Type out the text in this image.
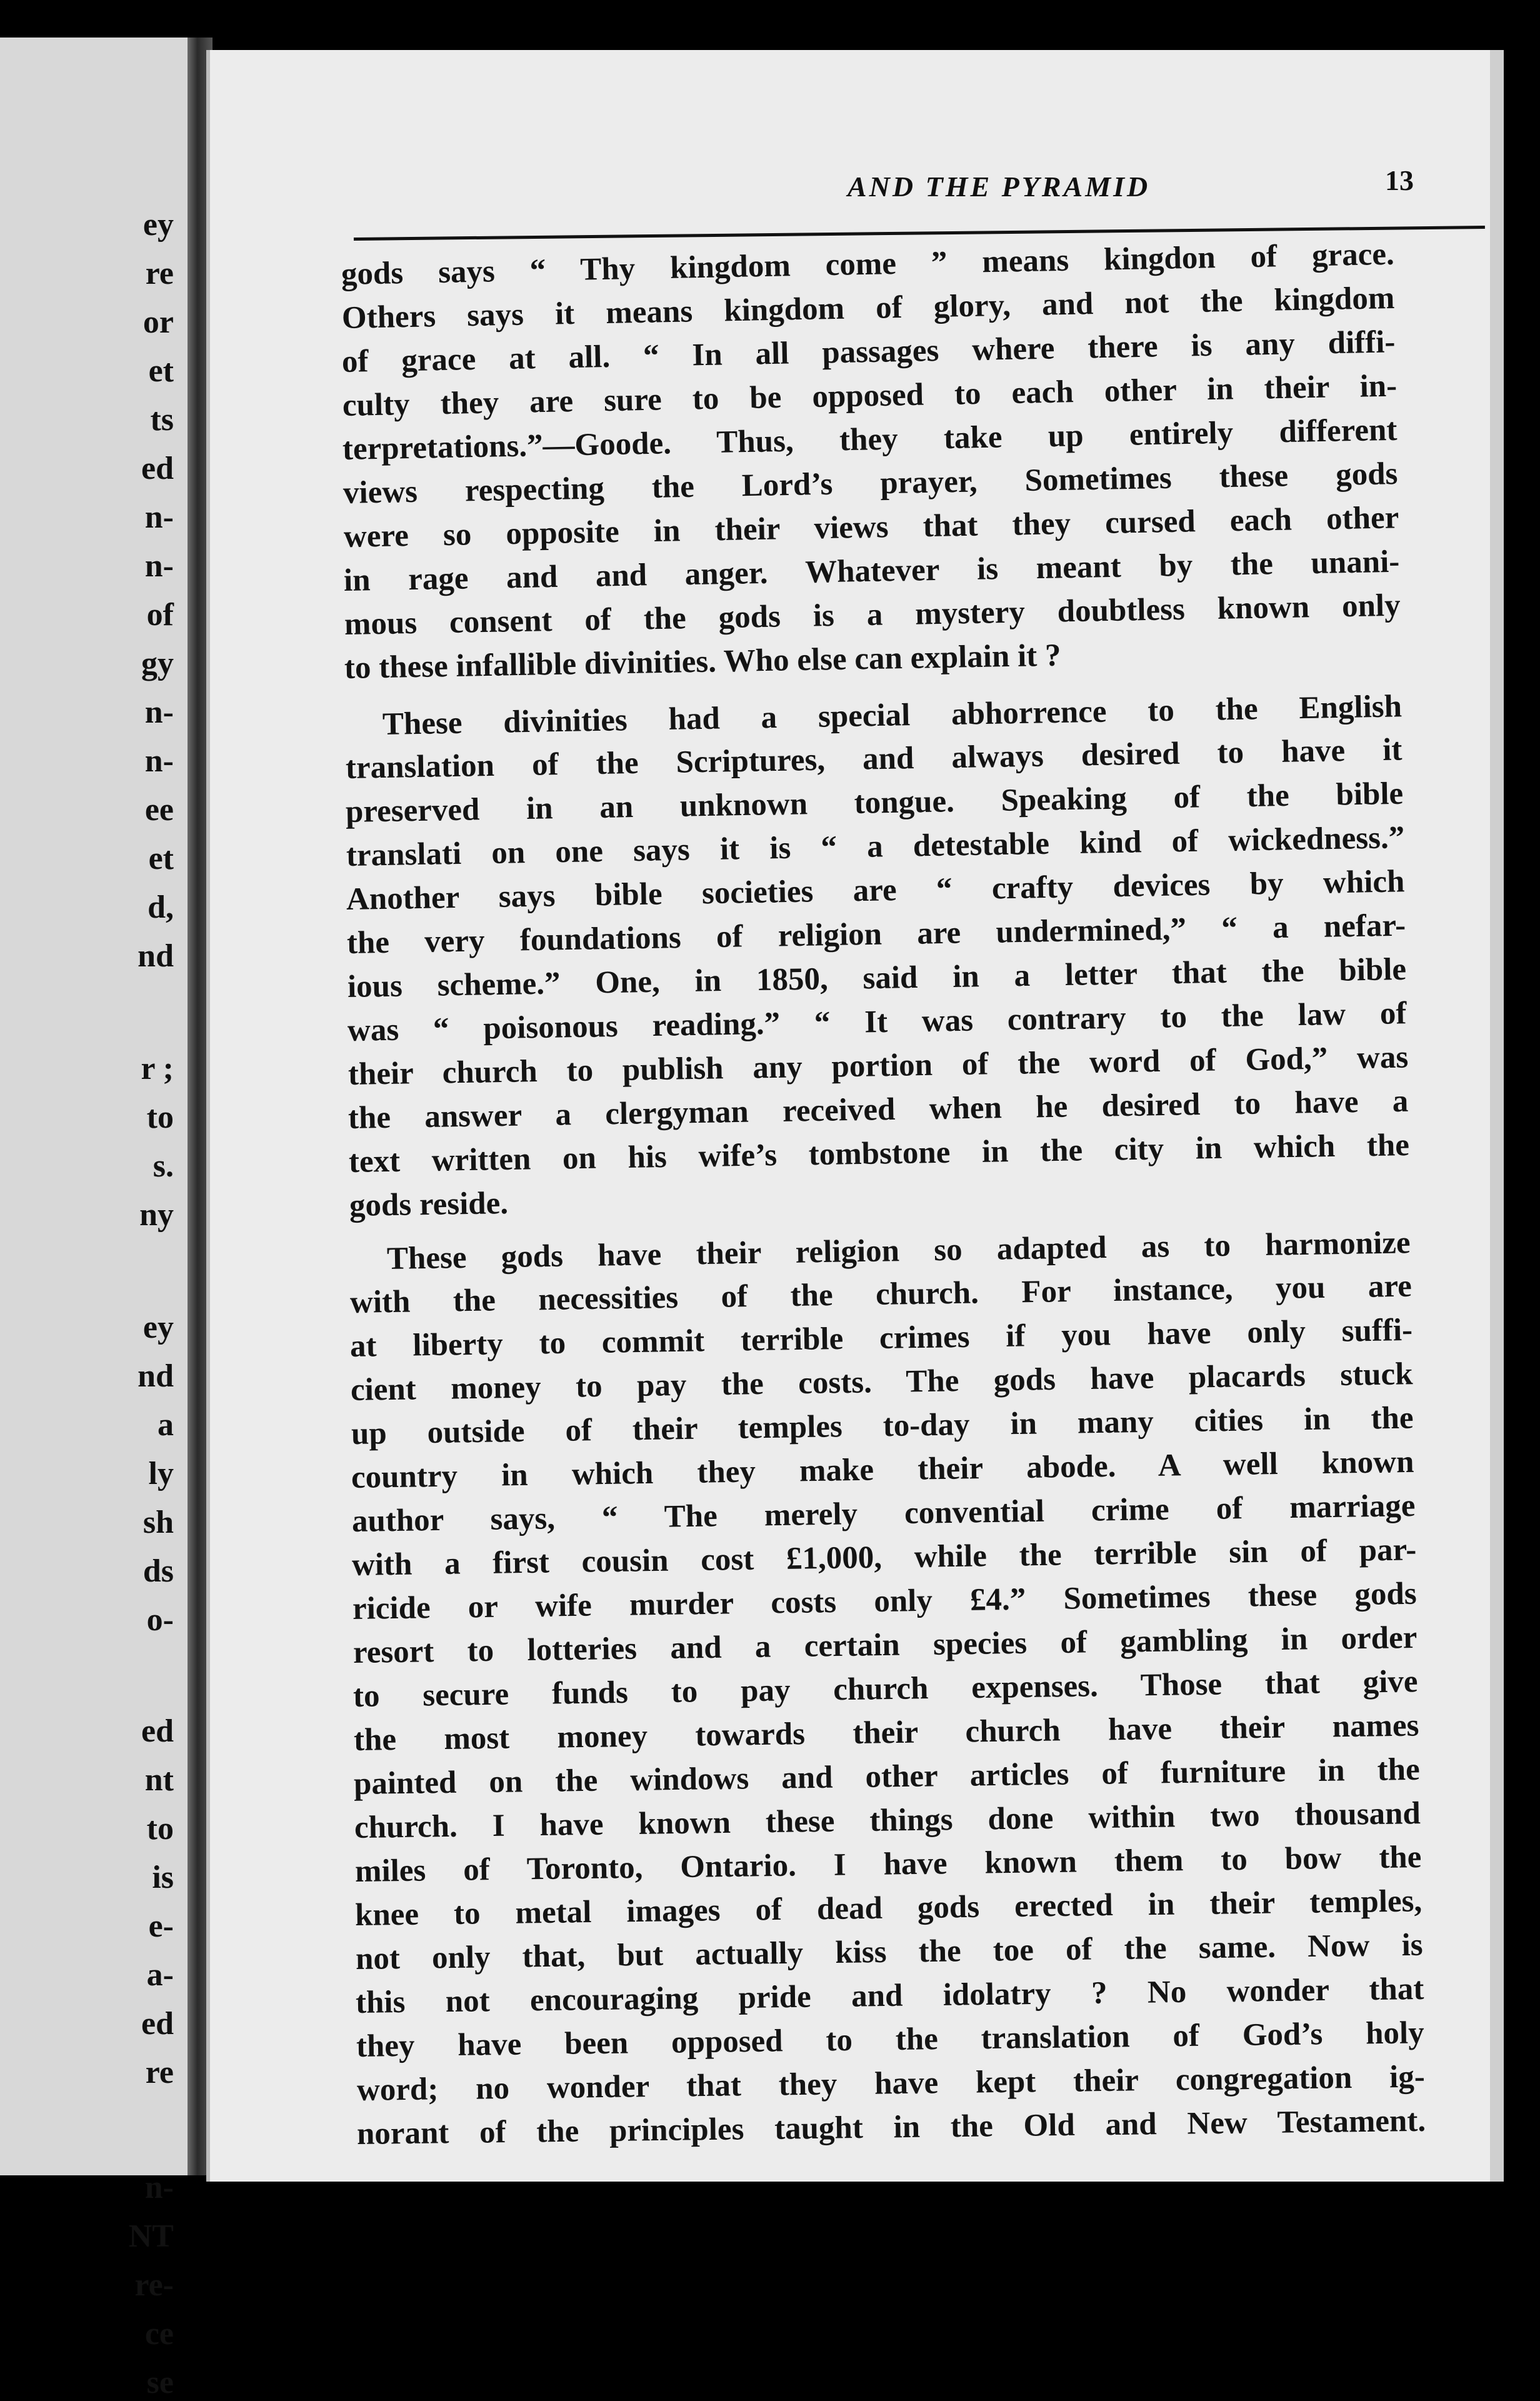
ey
re
or
et
ts
ed
n-
n-
of
gy
n-
n-
ee
et
d,
nd
r ;
to
s.
ny
ey
nd
a
ly
sh
ds
o-
ed
nt
to
is
e-
a-
ed
re
n-
NT
re-
ce
se
AND THE PYRAMID	13
gods says “ Thy kingdom come ” means kingdon of grace.
Others says it means kingdom of glory, and not the kingdom
of grace at all. “ In all passages where there is any diffi-
culty they are sure to be opposed to each other in their in-
terpretations.”—Goode. Thus, they take up entirely different
views respecting the Lord’s prayer, Sometimes these gods
were so opposite in their views that they cursed each other
in rage and and anger. Whatever is meant by the unani-
mous consent of the gods is a mystery doubtless known only
to these infallible divinities. Who else can explain it ?
These divinities had a special abhorrence to the English
translation of the Scriptures, and always desired to have it
preserved in an unknown tongue. Speaking of the bible
translati on one says it is “ a detestable kind of wickedness.”
Another says bible societies are “ crafty devices by which
the very foundations of religion are undermined,” “ a nefar-
ious scheme.” One, in 1850, said in a letter that the bible
was “ poisonous reading.” “ It was contrary to the law of
their church to publish any portion of the word of God,” was
the answer a clergyman received when he desired to have a
text written on his wife’s tombstone in the city in which the
gods reside.
These gods have their religion so adapted as to harmonize
with the necessities of the church. For instance, you are
at liberty to commit terrible crimes if you have only suffi-
cient money to pay the costs. The gods have placards stuck
up outside of their temples to-day in many cities in the
country in which they make their abode. A well known
author says, “ The merely convential crime of marriage
with a first cousin cost £1,000, while the terrible sin of par-
ricide or wife murder costs only £4.” Sometimes these gods
resort to lotteries and a certain species of gambling in order
to secure funds to pay church expenses. Those that give
the most money towards their church have their names
painted on the windows and other articles of furniture in the
church. I have known these things done within two thousand
miles of Toronto, Ontario. I have known them to bow the
knee to metal images of dead gods erected in their temples,
not only that, but actually kiss the toe of the same. Now is
this not encouraging pride and idolatry ? No wonder that
they have been opposed to the translation of God’s holy
word; no wonder that they have kept their congregation ig-
norant of the principles taught in the Old and New Testament.
